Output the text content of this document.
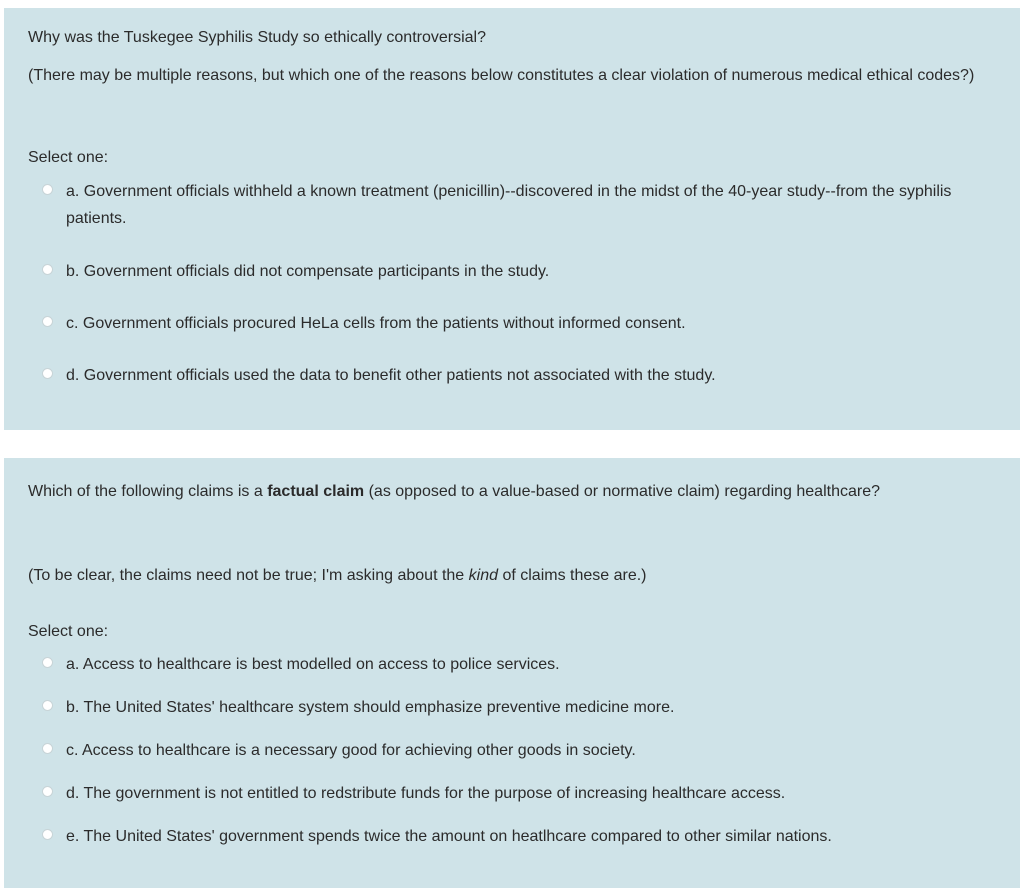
Why was the Tuskegee Syphilis Study so ethically controversial?

(There may be multiple reasons, but which one of the reasons below constitutes a clear violation of numerous medical ethical codes?)

Select one:
a. Government officials withheld a known treatment (penicillin)--discovered in the midst of the 40-year study--from the syphilis patients.
b. Government officials did not compensate participants in the study.
c. Government officials procured HeLa cells from the patients without informed consent.
d. Government officials used the data to benefit other patients not associated with the study.

Which of the following claims is a factual claim (as opposed to a value-based or normative claim) regarding healthcare?

(To be clear, the claims need not be true; I'm asking about the kind of claims these are.)

Select one:
a. Access to healthcare is best modelled on access to police services.
b. The United States' healthcare system should emphasize preventive medicine more.
c. Access to healthcare is a necessary good for achieving other goods in society.
d. The government is not entitled to redstribute funds for the purpose of increasing healthcare access.
e. The United States' government spends twice the amount on heatlhcare compared to other similar nations.
